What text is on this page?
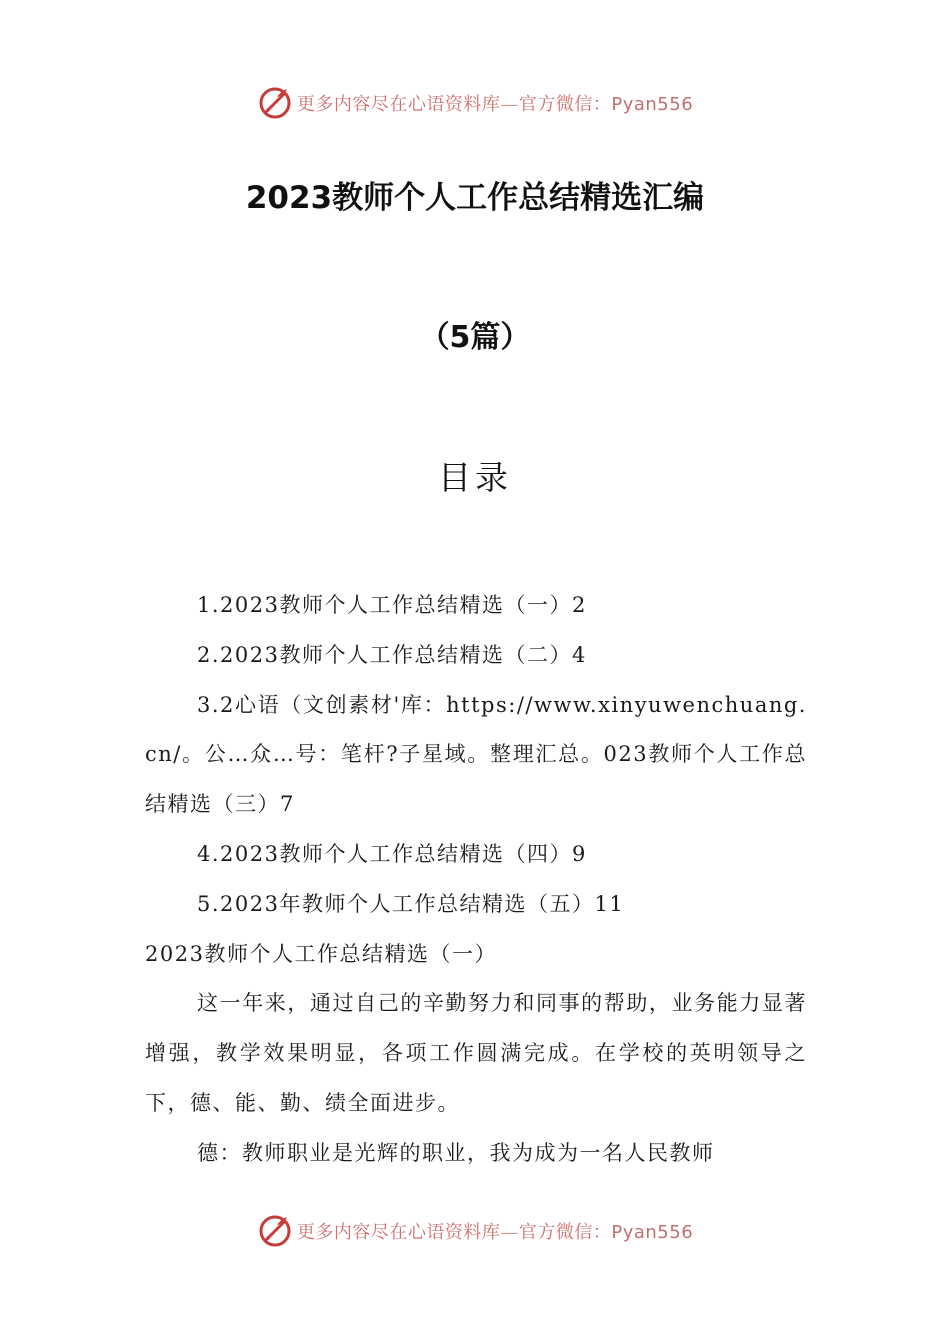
更多内容尽在心语资料库—官方微信：Pyan556
2023教师个人工作总结精选汇编
（5篇）
目录

1.2023教师个人工作总结精选（一）2

2.2023教师个人工作总结精选（二）4

3.2心语（文创素材'库：https://www.xinyuwenchuang.cn/。公…众…号：笔杆?子星域。整理汇总。023教师个人工作总结精选（三）7

4.2023教师个人工作总结精选（四）9

5.2023年教师个人工作总结精选（五）11

2023教师个人工作总结精选（一）

这一年来，通过自己的辛勤努力和同事的帮助，业务能力显著增强，教学效果明显，各项工作圆满完成。在学校的英明领导之下，德、能、勤、绩全面进步。

德：教师职业是光辉的职业，我为成为一名人民教师

更多内容尽在心语资料库—官方微信：Pyan556
